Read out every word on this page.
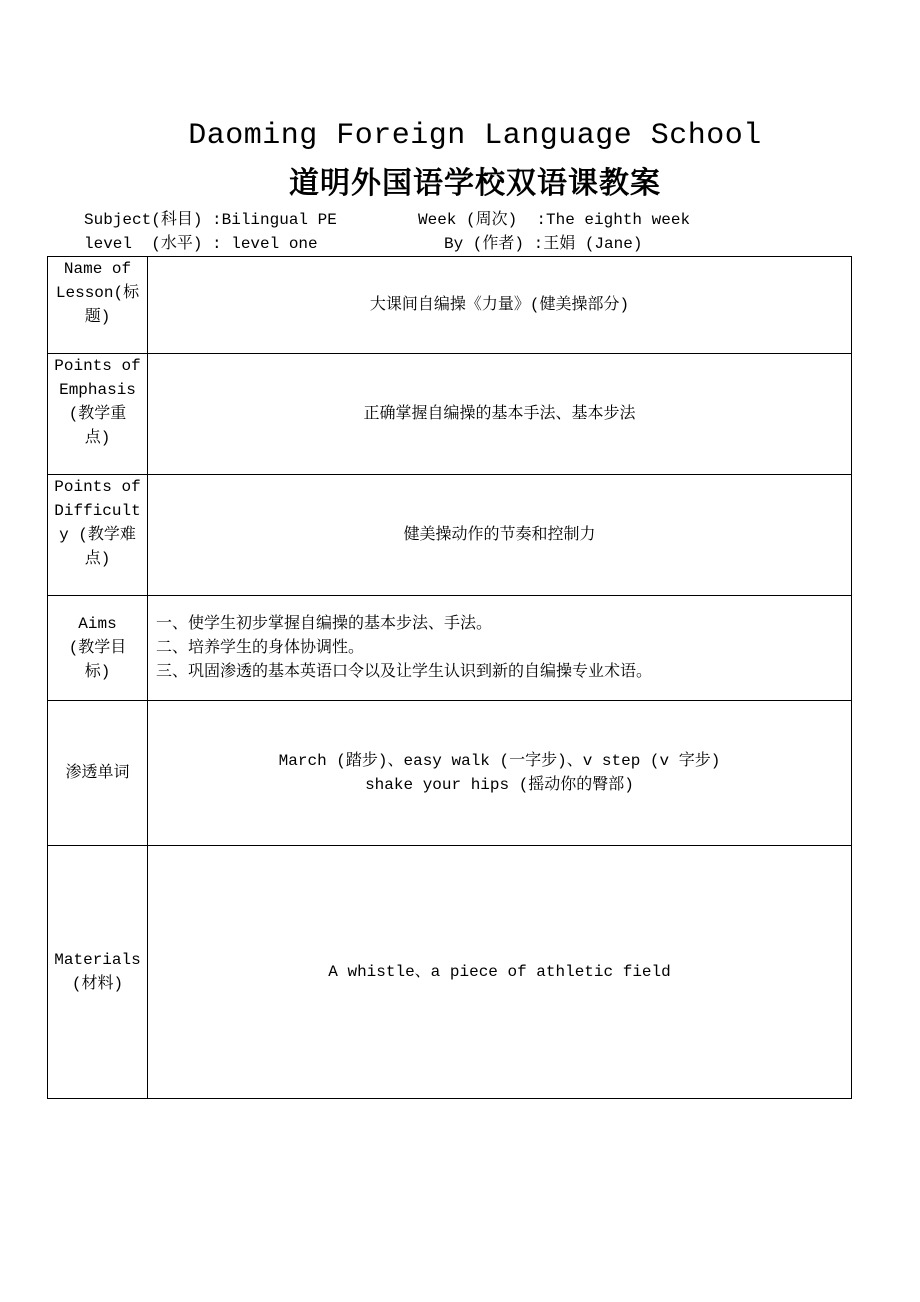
Daoming Foreign Language School
道明外国语学校双语课教案
Subject(科目) :Bilingual PE	Week (周次)  :The eighth week
level  (水平) : level one	By (作者) :王娟 (Jane)
Name of
Lesson(标
题)	大课间自编操《力量》(健美操部分)

Points of
Emphasis
(教学重
点)	正确掌握自编操的基本手法、基本步法

Points of
Difficult
y (教学难
点)	健美操动作的节奏和控制力

Aims
(教学目
标)	一、使学生初步掌握自编操的基本步法、手法。
二、培养学生的身体协调性。
三、巩固渗透的基本英语口令以及让学生认识到新的自编操专业术语。

渗透单词	March (踏步)、easy walk (一字步)、v step (v 字步)
shake your hips (摇动你的臀部)

Materials
(材料)	A whistle、a piece of athletic field
